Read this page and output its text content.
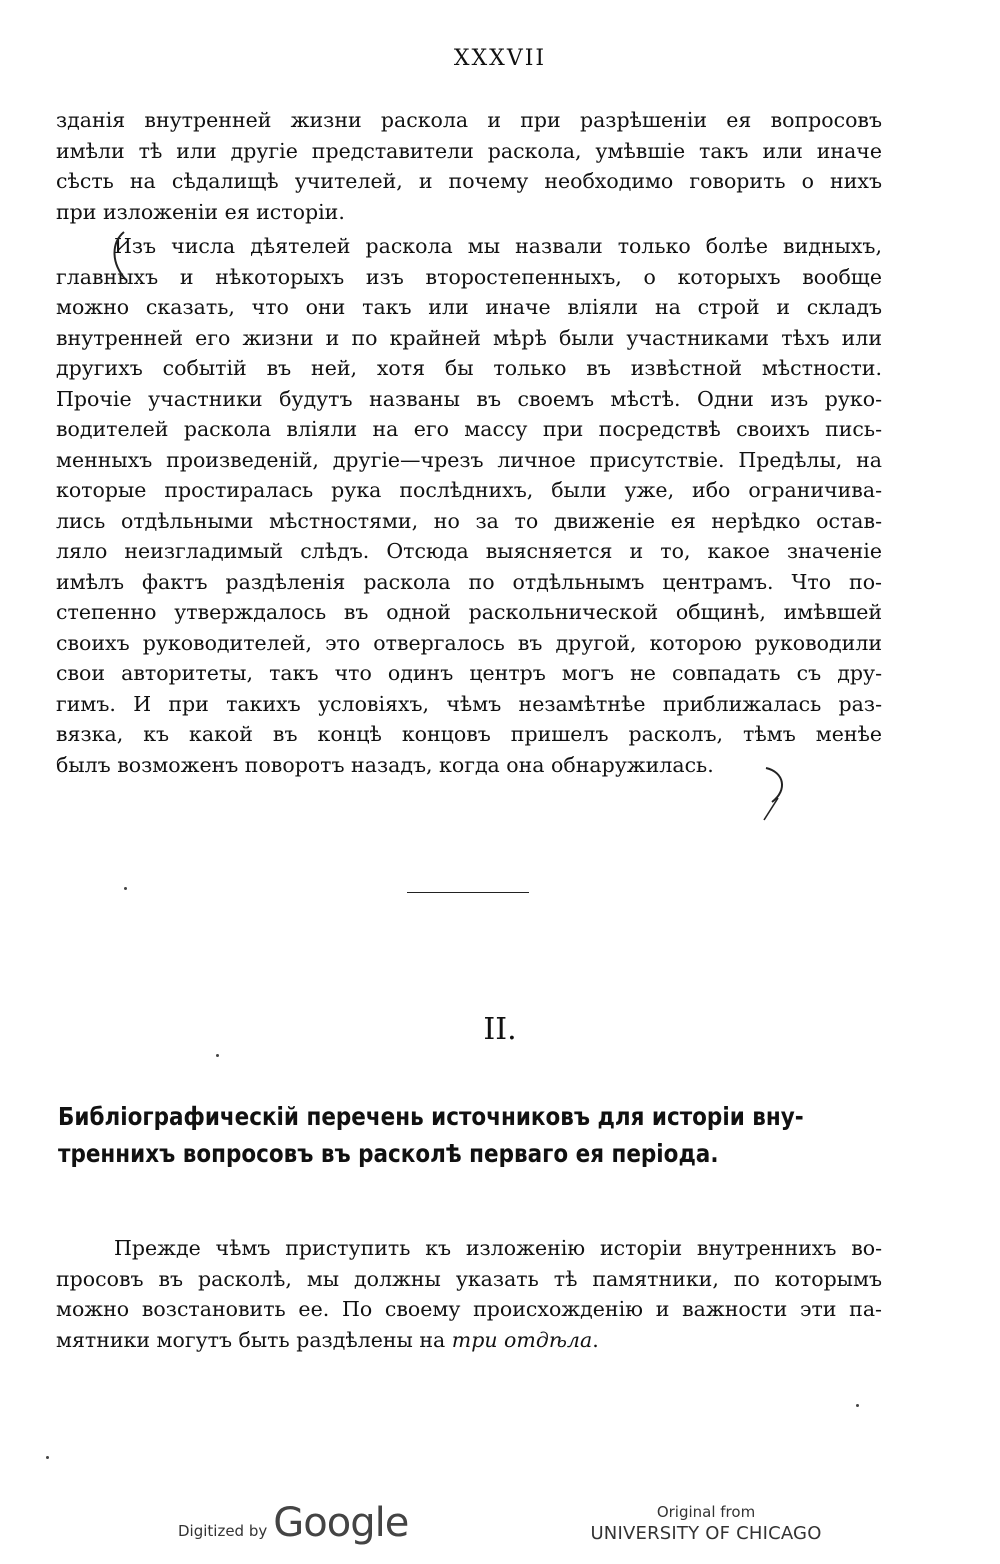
XXXVII

зданія внутренней жизни раскола и при разрѣшеніи ея вопросовъ
имѣли тѣ или другіе представители раскола, умѣвшіе такъ или иначе
сѣсть на сѣдалищѣ учителей, и почему необходимо говорить о нихъ
при изложеніи ея исторіи.

Изъ числа дѣятелей раскола мы назвали только болѣе видныхъ,
главныхъ и нѣкоторыхъ изъ второстепенныхъ, о которыхъ вообще
можно сказать, что они такъ или иначе вліяли на строй и складъ
внутренней его жизни и по крайней мѣрѣ были участниками тѣхъ или
другихъ событій въ ней, хотя бы только въ извѣстной мѣстности.
Прочіе участники будутъ названы въ своемъ мѣстѣ. Одни изъ руко-
водителей раскола вліяли на его массу при посредствѣ своихъ пись-
менныхъ произведеній, другіе—чрезъ личное присутствіе. Предѣлы, на
которые простиралась рука послѣднихъ, были уже, ибо ограничива-
лись отдѣльными мѣстностями, но за то движеніе ея нерѣдко остав-
ляло неизгладимый слѣдъ. Отсюда выясняется и то, какое значеніе
имѣлъ фактъ раздѣленія раскола по отдѣльнымъ центрамъ. Что по-
степенно утверждалось въ одной раскольнической общинѣ, имѣвшей
своихъ руководителей, это отвергалось въ другой, которою руководили
свои авторитеты, такъ что одинъ центръ могъ не совпадать съ дру-
гимъ. И при такихъ условіяхъ, чѣмъ незамѣтнѣе приближалась раз-
вязка, къ какой въ концѣ концовъ пришелъ расколъ, тѣмъ менѣе
былъ возможенъ поворотъ назадъ, когда она обнаружилась.

II.
Библіографическій перечень источниковъ для исторіи вну-
треннихъ вопросовъ въ расколѣ перваго ея періода.

Прежде чѣмъ приступить къ изложенію исторіи внутреннихъ во-
просовъ въ расколѣ, мы должны указать тѣ памятники, по которымъ
можно возстановить ее. По своему происхожденію и важности эти па-
мятники могутъ быть раздѣлены на три отдѣла.

Digitized by Google	Original from
UNIVERSITY OF CHICAGO
